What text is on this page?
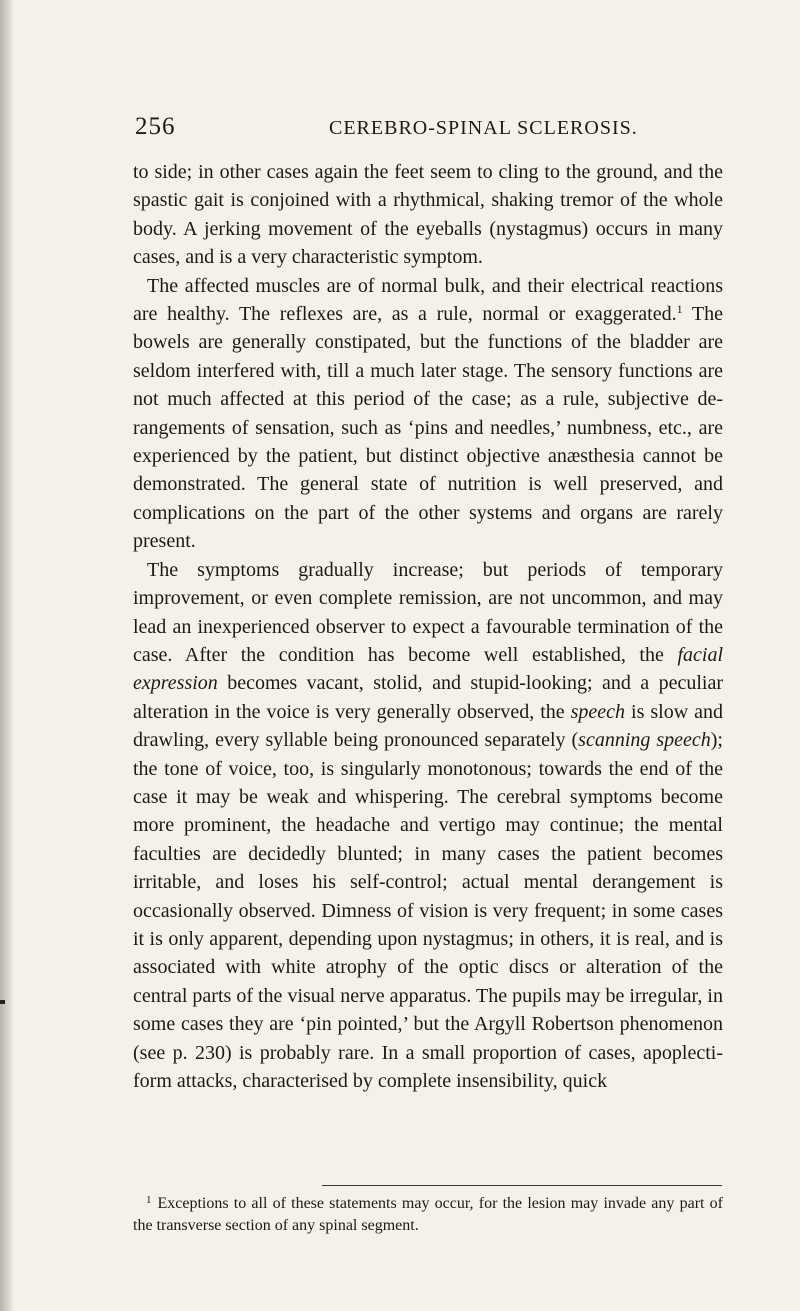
256	CEREBRO-SPINAL SCLEROSIS.

to side; in other cases again the feet seem to cling to the ground, and the spastic gait is conjoined with a rhythmical, shaking tremor of the whole body. A jerking movement of the eyeballs (nystagmus) occurs in many cases, and is a very characteristic symptom.

The affected muscles are of normal bulk, and their electrical reactions are healthy. The reflexes are, as a rule, normal or exaggerated.$^1$ The bowels are generally constipated, but the functions of the bladder are seldom interfered with, till a much later stage. The sensory functions are not much affected at this period of the case; as a rule, subjective derangements of sensation, such as ‘pins and needles,’ numbness, etc., are experienced by the patient, but distinct objective anæsthesia cannot be demonstrated. The general state of nutrition is well preserved, and complications on the part of the other systems and organs are rarely present.

The symptoms gradually increase; but periods of temporary improvement, or even complete remission, are not uncommon, and may lead an inexperienced observer to expect a favourable termination of the case. After the condition has become well established, the facial expression becomes vacant, stolid, and stupid-looking; and a peculiar alteration in the voice is very generally observed, the speech is slow and drawling, every syllable being pronounced separately (scanning speech); the tone of voice, too, is singularly monotonous; towards the end of the case it may be weak and whispering. The cerebral symptoms become more prominent, the headache and vertigo may continue; the mental faculties are decidedly blunted; in many cases the patient becomes irritable, and loses his self-control; actual mental derangement is occasionally observed. Dimness of vision is very frequent; in some cases it is only apparent, depending upon nystagmus; in others, it is real, and is associated with white atrophy of the optic discs or alteration of the central parts of the visual nerve apparatus. The pupils may be irregular, in some cases they are ‘pin pointed,’ but the Argyll Robertson phenomenon (see p. 230) is probably rare. In a small proportion of cases, apoplectiform attacks, characterised by complete insensibility, quick

1 Exceptions to all of these statements may occur, for the lesion may invade any part of the transverse section of any spinal segment.
